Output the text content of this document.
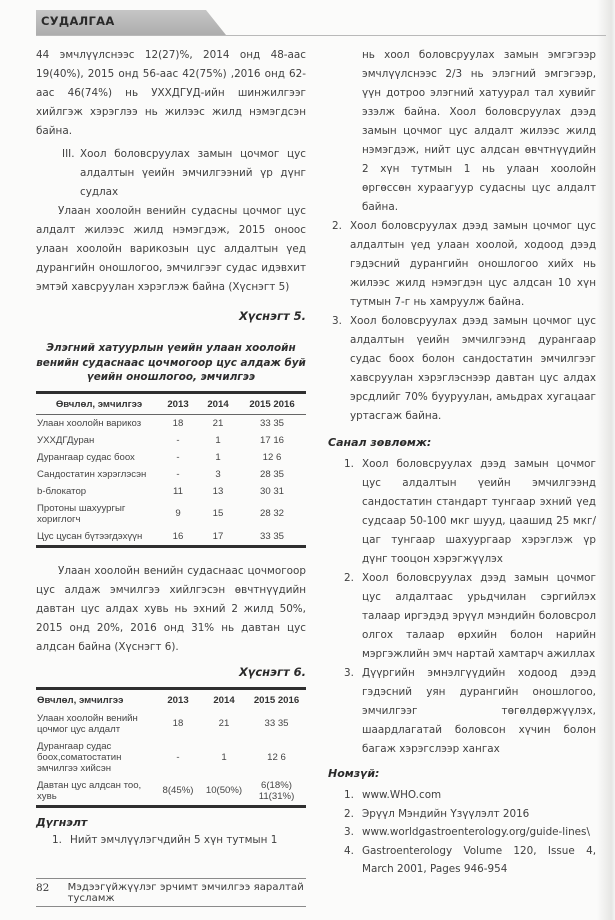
СУДАЛГАА

44 эмчлүүлснээс 12(27)%, 2014 онд 48-аас 19(40%), 2015 онд 56-аас 42(75%) ,2016 онд 62-аас 46(74%) нь УХХДГУД-ийн шинжилгээг хийлгэж хэрэглээ нь жилээс жилд нэмэгдсэн байна.

III. Хоол боловсруулах замын цочмог цус алдалтын үеийн эмчилгээний үр дүнг судлах

Улаан хоолойн венийн судасны цочмог цус алдалт жилээс жилд нэмэгдэж, 2015 оноос улаан хоолойн варикозын цус алдалтын үед дурангийн оношлогоо, эмчилгээг судас идэвхит эмтэй хавсруулан хэрэглэж байна (Хүснэгт 5)

Хүснэгт 5.

Элэгний хатуурлын үеийн улаан хоолойн венийн судаснаас цочмогоор цус алдаж буй үеийн оношлогоо, эмчилгээ
Өвчлөл, эмчилгээ	2013	2014	2015 2016
Улаан хоолойн варикоз	18	21	33 35
УХХДГДуран	-	1	17 16
Дурангаар судас боох	-	1	12 6
Сандостатин хэрэглэсэн	-	3	28 35
b-блокатор	11	13	30 31
Протоны шахуургыг хориглогч	9	15	28 32
Цус цусан бүтээгдэхүүн	16	17	33 35

Улаан хоолойн венийн судаснаас цочмогоор цус алдаж эмчилгээ хийлгэсэн өвчтнүүдийн давтан цус алдах хувь нь эхний 2 жилд 50%, 2015 онд 20%, 2016 онд 31% нь давтан цус алдсан байна (Хүснэгт 6).

Хүснэгт 6.

Өвчлөл, эмчилгээ	2013	2014	2015 2016
Улаан хоолойн венийн цочмог цус алдалт	18	21	33 35
Дурангаар судас боох,соматостатин эмчилгээ хийсэн	-	1	12 6
Давтан цус алдсан тоо, хувь	8(45%)	10(50%)	6(18%) 11(31%)
Дүгнэлт
1. Нийт эмчлүүлэгчдийн 5 хүн тутмын 1

нь хоол боловсруулах замын эмгэгээр эмчлүүлснээс 2/3 нь элэгний эмгэгээр, үүн дотроо элэгний хатуурал тал хувийг эзэлж байна. Хоол боловсруулах дээд замын цочмог цус алдалт жилээс жилд нэмэгдэж, нийт цус алдсан өвчтнүүдийн 2 хүн тутмын 1 нь улаан хоолойн өргөссөн хураагуур судасны цус алдалт байна.

2. Хоол боловсруулах дээд замын цочмог цус алдалтын үед улаан хоолой, ходоод дээд гэдэсний дурангийн оношлогоо хийх нь жилээс жилд нэмэгдэн цус алдсан 10 хүн тутмын 7-г нь хамруулж байна.
3. Хоол боловсруулах дээд замын цочмог цус алдалтын үеийн эмчилгээнд дурангаар судас боох болон сандостатин эмчилгээг хавсруулан хэрэглэснээр давтан цус алдах эрсдлийг 70% бууруулан, амьдрах хугацааг уртасгаж байна.
Санал зөвлөмж:
1. Хоол боловсруулах дээд замын цочмог цус алдалтын үеийн эмчилгээнд сандостатин стандарт тунгаар эхний үед судсаар 50-100 мкг шууд, цаашид 25 мкг/цаг тунгаар шахуургаар хэрэглэж үр дүнг тооцон хэрэгжүүлэх
2. Хоол боловсруулах дээд замын цочмог цус алдалтаас урьдчилан сэргийлэх талаар иргэдэд эрүүл мэндийн боловсрол олгох талаар өрхийн болон нарийн мэргэжлийн эмч нартай хамтарч ажиллах
3. Дүүргийн эмнэлгүүдийн ходоод дээд гэдэсний уян дурангийн оношлогоо, эмчилгээг төгөлдөржүүлэх, шаардлагатай боловсон хүчин болон багаж хэрэгслээр хангах
Номзүй:
1. www.WHO.com
2. Эрүүл Мэндийн Үзүүлэлт 2016
3. www.worldgastroenterology.org/guide-lines\
4. Gastroenterology Volume 120, Issue 4, March 2001, Pages 946-954
82	Мэдээгүйжүүлэг эрчимт эмчилгээ яаралтай тусламж
